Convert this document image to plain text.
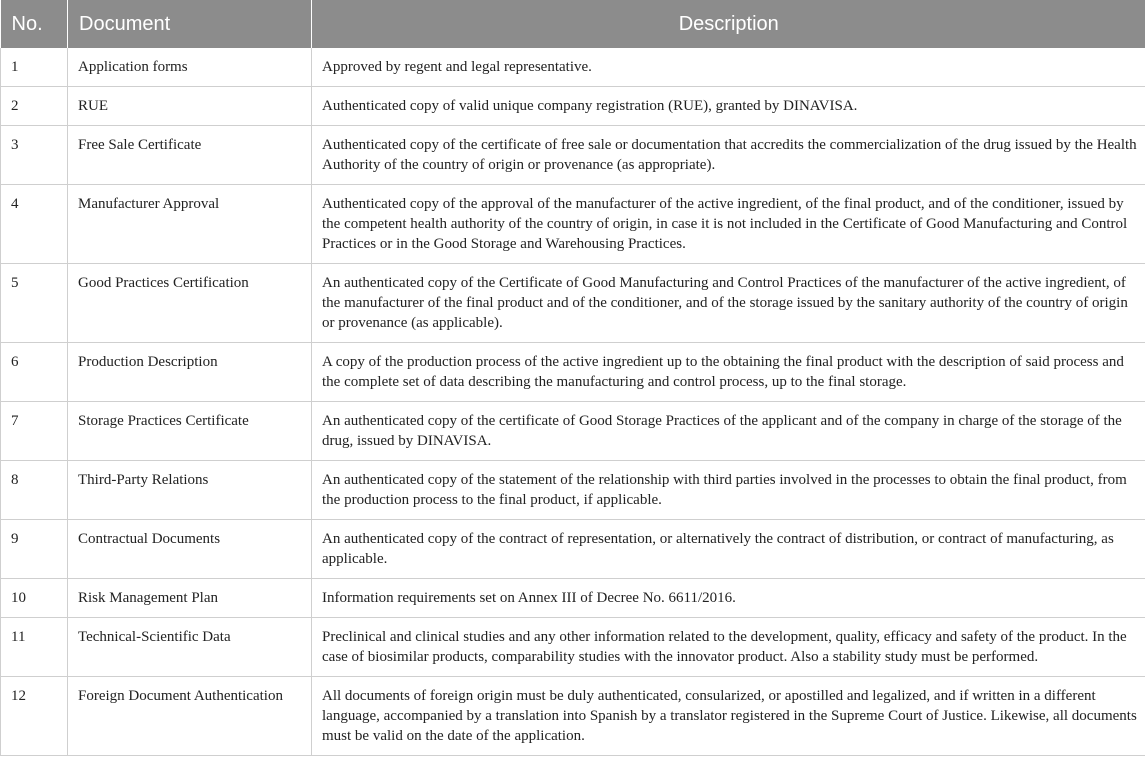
No.	Document	Description
1	Application forms	Approved by regent and legal representative.
2	RUE	Authenticated copy of valid unique company registration (RUE), granted by DINAVISA.
3	Free Sale Certificate	Authenticated copy of the certificate of free sale or documentation that accredits the commercialization of the drug issued by the Health Authority of the country of origin or provenance (as appropriate).
4	Manufacturer Approval	Authenticated copy of the approval of the manufacturer of the active ingredient, of the final product, and of the conditioner, issued by the competent health authority of the country of origin, in case it is not included in the Certificate of Good Manufacturing and Control Practices or in the Good Storage and Warehousing Practices.
5	Good Practices Certification	An authenticated copy of the Certificate of Good Manufacturing and Control Practices of the manufacturer of the active ingredient, of the manufacturer of the final product and of the conditioner, and of the storage issued by the sanitary authority of the country of origin or provenance (as applicable).
6	Production Description	A copy of the production process of the active ingredient up to the obtaining the final product with the description of said process and the complete set of data describing the manufacturing and control process, up to the final storage.
7	Storage Practices Certificate	An authenticated copy of the certificate of Good Storage Practices of the applicant and of the company in charge of the storage of the drug, issued by DINAVISA.
8	Third-Party Relations	An authenticated copy of the statement of the relationship with third parties involved in the processes to obtain the final product, from the production process to the final product, if applicable.
9	Contractual Documents	An authenticated copy of the contract of representation, or alternatively the contract of distribution, or contract of manufacturing, as applicable.
10	Risk Management Plan	Information requirements set on Annex III of Decree No. 6611/2016.
11	Technical-Scientific Data	Preclinical and clinical studies and any other information related to the development, quality, efficacy and safety of the product. In the case of biosimilar products, comparability studies with the innovator product. Also a stability study must be performed.
12	Foreign Document Authentication	All documents of foreign origin must be duly authenticated, consularized, or apostilled and legalized, and if written in a different language, accompanied by a translation into Spanish by a translator registered in the Supreme Court of Justice. Likewise, all documents must be valid on the date of the application.
